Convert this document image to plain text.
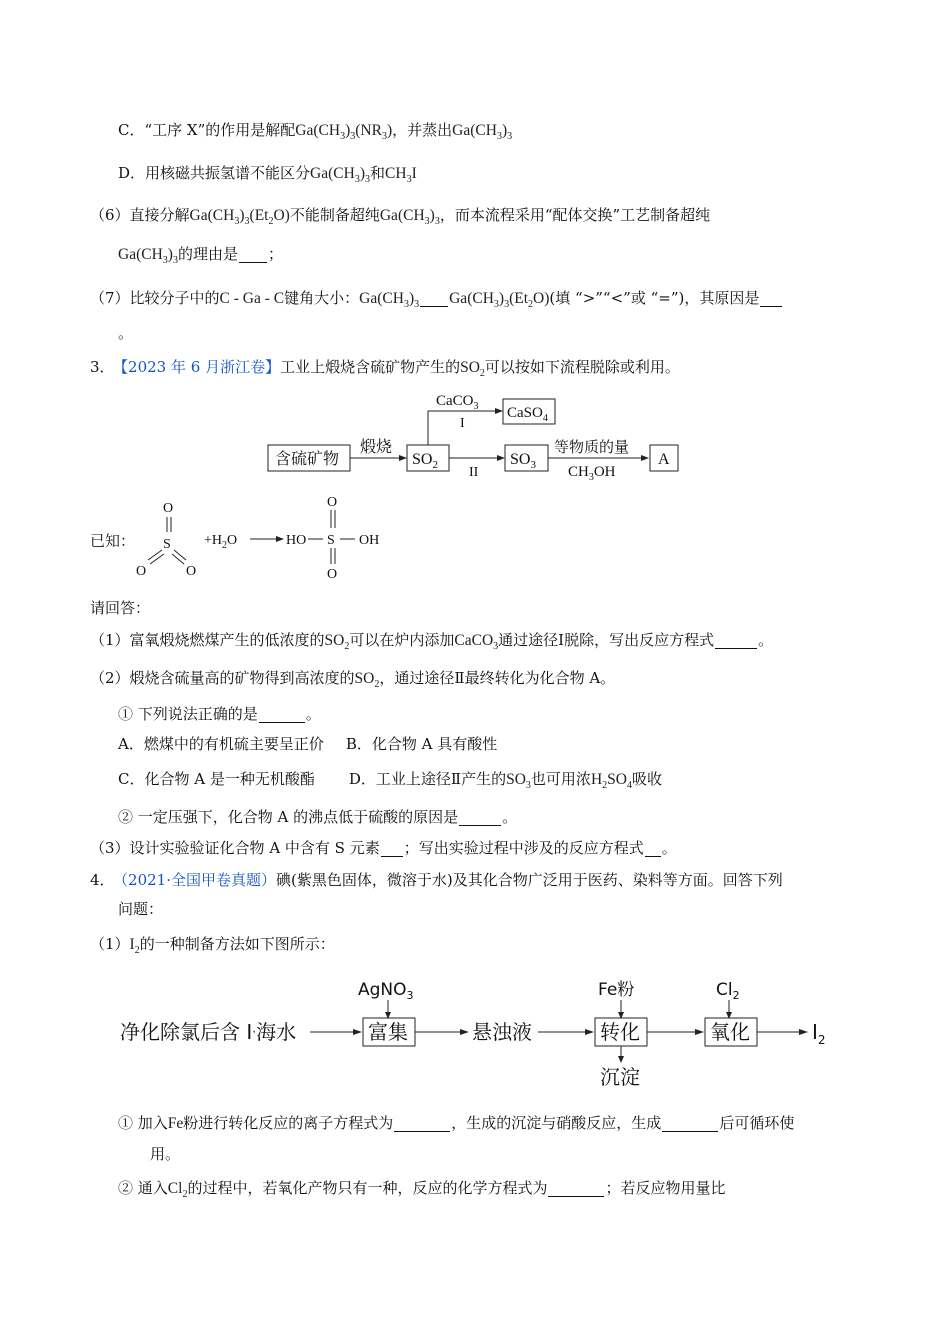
C．“工序 X”的作用是解配$Ga(CH_3)_3(NR_3)$，并蒸出$Ga(CH_3)_3$
D．用核磁共振氢谱不能区分$Ga(CH_3)_3$和$CH_3I$
（6）直接分解$Ga(CH_3)_3(Et_2O)$不能制备超纯$Ga(CH_3)_3$，而本流程采用“配体交换”工艺制备超纯
$Ga(CH_3)_3$的理由是 ；
（7）比较分子中的C - Ga - C键角大小：$Ga(CH_3)_3$ $Ga(CH_3)_3(Et_2O)$(填 “>”“<”或 “=”)，其原因是
。
3． 【2023 年 6 月浙江卷】工业上煅烧含硫矿物产生的$SO_2$可以按如下流程脱除或利用。
含硫矿物
煅烧
$SO_2$
CaCO$_3$
I
CaSO$_4$
II
$SO_3$
等物质的量
$CH_3OH$
A
已知：
O
S
O	O
$+H_2O$	HO S OH
O
O
请回答：
（1）富氧煅烧燃煤产生的低浓度的$SO_2$可以在炉内添加CaCO$_3$通过途径Ⅰ脱除，写出反应方程式	。
（2）煅烧含硫量高的矿物得到高浓度的$SO_2$，通过途径Ⅱ最终转化为化合物 A。
① 下列说法正确的是	。
A．燃煤中的有机硫主要呈正价 B．化合物 A 具有酸性
C．化合物 A 是一种无机酸酯 D．工业上途径Ⅱ产生的$SO_3$也可用浓$H_2SO_4$吸收
② 一定压强下，化合物 A 的沸点低于硫酸的原因是	。
（3）设计实验验证化合物 A 中含有 S 元素 ；写出实验过程中涉及的反应方程式 。
4． （2021·全国甲卷真题）碘(紫黑色固体，微溶于水)及其化合物广泛用于医药、染料等方面。回答下列
问题：
$(1)I_2$的一种制备方法如下图所示：
净化除氯后含 I·海水
AgNO$_3$
富集	悬浊液
Fe粉
转化
沉淀
$Cl_2$
氧化	$I_2$
① 加入Fe粉进行转化反应的离子方程式为	，生成的沉淀与硝酸反应，生成	后可循环使
用。
② 通入$Cl_2$的过程中，若氧化产物只有一种，反应的化学方程式为	；若反应物用量比
